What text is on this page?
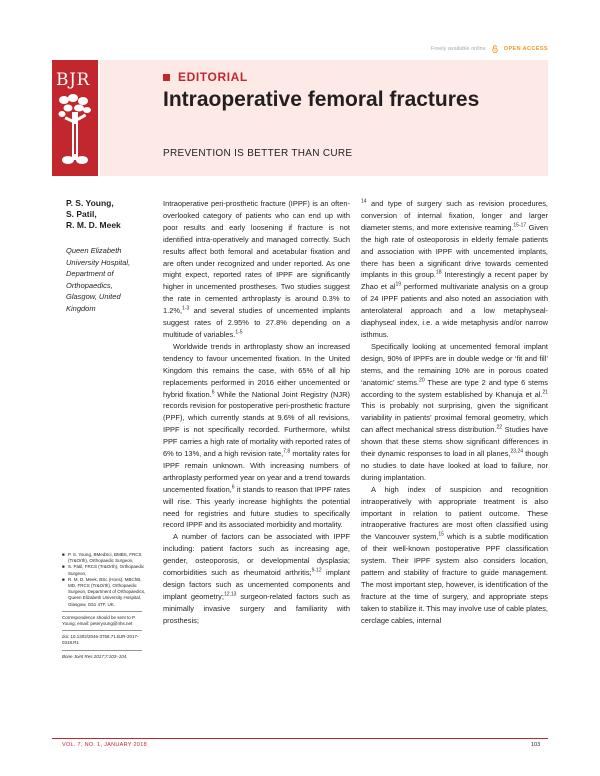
Freely available online	OPEN ACCESS
BJR	EDITORIAL
Intraoperative femoral fractures
PREVENTION IS BETTER THAN CURE
P. S. Young,
S. Patil,
R. M. D. Meek
Queen Elizabeth
University Hospital,
Department of
Orthopaedics,
Glasgow, United
Kingdom
■ P. S. Young, BMedSci, BMBS, FRCS (Tr&Orth), Orthopaedic Surgeon,
■ S. Patil, FRCS (Tr&Orth), Orthopaedic Surgeon,
■ R. M. D. Meek, BSc (Hons), MBChB, MD, FRCS (Tr&Orth), Orthopaedic Surgeon, Department of Orthopaedics, Queen Elizabeth University Hospital, Glasgow, G51 4TF, UK.
Correspondence should be sent to P. Young; email: peteryoung@nhs.net
doi: 10.1302/2046-3758.71.BJR-2017-0318.R1
Bone Joint Res 2017;7:103–104.

Intraoperative peri-prosthetic fracture (IPPF) is an often-overlooked category of patients who can end up with poor results and early loosening if fracture is not identified intra-operatively and managed correctly. Such results affect both femoral and acetabular fixation and are often under recognized and under reported. As one might expect, reported rates of IPPF are significantly higher in uncemented prostheses. Two studies suggest the rate in cemented arthroplasty is around 0.3% to 1.2%,$^{1-3}$ and several studies of uncemented implants suggest rates of 2.95% to 27.8% depending on a multitude of variables.$^{1-5}$

Worldwide trends in arthroplasty show an increased tendency to favour uncemented fixation. In the United Kingdom this remains the case, with 65% of all hip replacements performed in 2016 either uncemented or hybrid fixation.$^6$ While the National Joint Registry (NJR) records revision for postoperative peri-prosthetic fracture (PPF), which currently stands at 9.6% of all revisions, IPPF is not specifically recorded. Furthermore, whilst PPF carries a high rate of mortality with reported rates of 6% to 13%, and a high revision rate,$^{7,8}$ mortality rates for IPPF remain unknown. With increasing numbers of arthroplasty performed year on year and a trend towards uncemented fixation,$^6$ it stands to reason that IPPF rates will rise. This yearly increase highlights the potential need for registries and future studies to specifically record IPPF and its associated morbidity and mortality.

A number of factors can be associated with IPPF including: patient factors such as increasing age, gender, osteoporosis, or developmental dysplasia; comorbidities such as rheumatoid arthritis;$^{9-12}$ implant design factors such as uncemented components and implant geometry;$^{12,13}$ surgeon-related factors such as minimally invasive surgery and familiarity with prosthesis;

$^{14}$ and type of surgery such as revision procedures, conversion of internal fixation, longer and larger diameter stems, and more extensive reaming.$^{15-17}$ Given the high rate of osteoporosis in elderly female patients and association with IPPF with uncemented implants, there has been a significant drive towards cemented implants in this group.$^{18}$ Interestingly a recent paper by Zhao et $al^{19}$ performed multivariate analysis on a group of 24 IPPF patients and also noted an association with anterolateral approach and a low metaphyseal-diaphyseal index, i.e. a wide metaphysis and/or narrow isthmus.

Specifically looking at uncemented femoral implant design, 90% of IPPFs are in double wedge or ‘fit and fill’ stems, and the remaining 10% are in porous coated ‘anatomic’ stems.$^{20}$ These are type 2 and type 6 stems according to the system established by Khanuja et al.$^{21}$ This is probably not surprising, given the significant variability in patients’ proximal femoral geometry, which can affect mechanical stress distribution.$^{22}$ Studies have shown that these stems show significant differences in their dynamic responses to load in all planes,$^{23,24}$ though no studies to date have looked at load to failure, nor during implantation.

A high index of suspicion and recognition intraoperatively with appropriate treatment is also important in relation to patient outcome. These intraoperative fractures are most often classified using the Vancouver system,$^{15}$ which is a subtle modification of their well-known postoperative PPF classification system. Their IPPF system also considers location, pattern and stability of fracture to guide management. The most important step, however, is identification of the fracture at the time of surgery, and appropriate steps taken to stabilize it. This may involve use of cable plates, cerclage cables, internal

VOL. 7, NO. 1, JANUARY 2018	103
